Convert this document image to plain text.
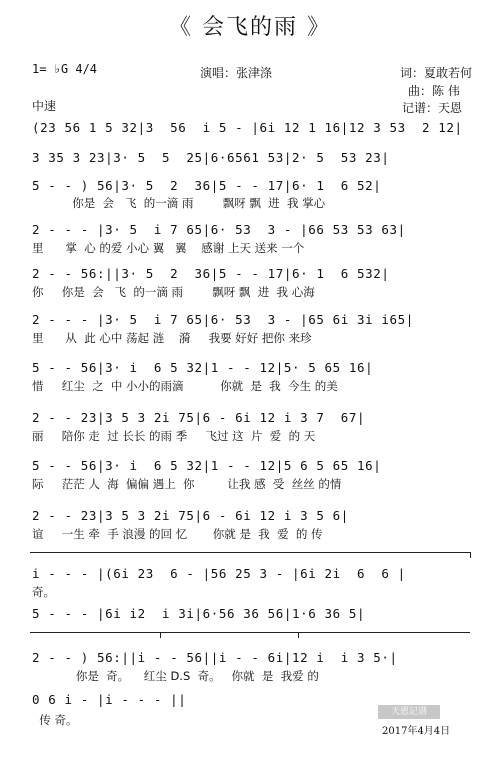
《 会飞的雨 》
1= ♭G 4/4	演唱：张津涤	词：夏敢若何
曲：陈 伟
记谱：天恩
中速
(23 56 1 5 32|3  56  i 5 - |6i 12 1 16|12 3 53  2 12|
3 35 3 23|3· 5  5  25|6·6561 53|2· 5  53 23|
5 - - ) 56|3· 5  2  36|5 - - 17|6· 1  6 52|
你是  会   飞  的一滴 雨        飘呀 飘  进  我 掌心
2 - - - |3· 5  i 7 65|6· 53  3 - |66 53 53 63|
里      掌  心 的爱 小心 翼   翼    感谢 上天 送来 一个
2 - - 56:||3· 5  2  36|5 - - 17|6· 1  6 532|
你     你是  会   飞  的一滴 雨        飘呀 飘  进  我 心海
2 - - - |3· 5  i 7 65|6· 53  3 - |65 6i 3i i65|
里      从  此 心中 荡起 涟    漪     我要 好好 把你 来珍
5 - - 56|3· i  6 5 32|1 - - 12|5· 5 65 16|
惜     红尘  之  中 小小的雨滴          你就  是  我  今生 的美
2 - - 23|3 5 3 2i 75|6 - 6i 12 i 3 7  67|
丽     陪你 走  过 长长 的雨 季     飞过 这  片  爱  的 天
5 - - 56|3· i  6 5 32|1 - - 12|5 6 5 65 16|
际     茫茫 人  海  偏偏 遇上  你         让我 感  受  丝丝 的情
2 - - 23|3 5 3 2i 75|6 - 6i 12 i 3 5 6|
谊     一生 牵  手 浪漫 的回 忆       你就 是  我  爱  的 传
i - - - |(6i 23  6 - |56 25 3 - |6i 2i  6  6 |
奇。
5 - - - |6i i2  i 3i|6·56 36 56|1·6 36 5|
2 - - ) 56:||i - - 56||i - - 6i|12 i  i 3 5·|
你是  奇。    红尘 D.S  奇。   你就  是  我爱 的
0 6 i - |i - - - ||
传 奇。
天恩记谱
2017年4月4日
